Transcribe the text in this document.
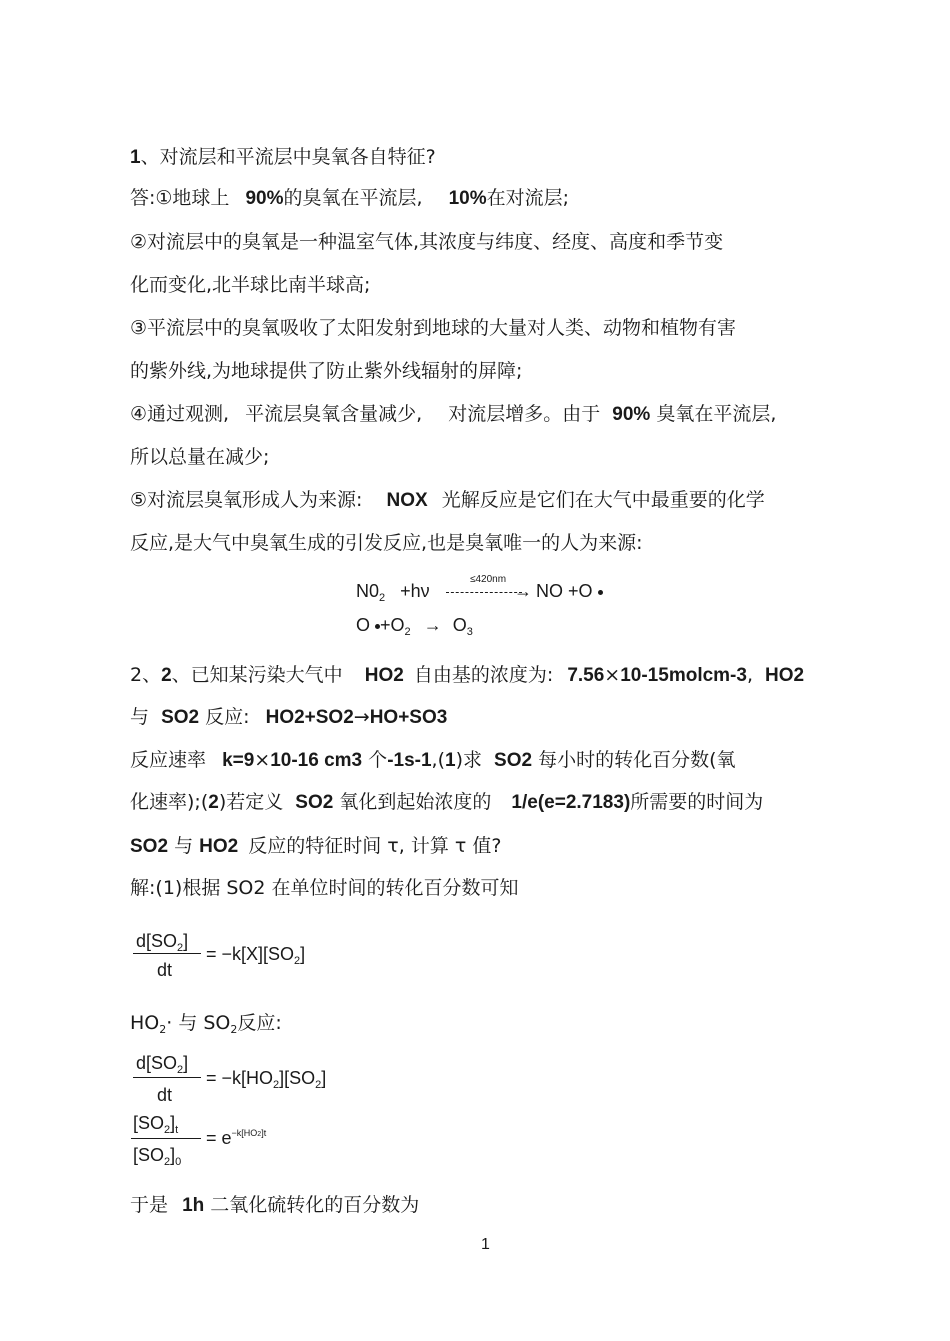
1、对流层和平流层中臭氧各自特征?
答:①地球上 90%的臭氧在平流层, 10%在对流层;
②对流层中的臭氧是一种温室气体,其浓度与纬度、经度、高度和季节变
化而变化,北半球比南半球高;
③平流层中的臭氧吸收了太阳发射到地球的大量对人类、动物和植物有害
的紫外线,为地球提供了防止紫外线辐射的屏障;
④通过观测, 平流层臭氧含量减少, 对流层增多。由于 90% 臭氧在平流层,
所以总量在减少;
⑤对流层臭氧形成人为来源: NOX 光解反应是它们在大气中最重要的化学
反应,是大气中臭氧生成的引发反应,也是臭氧唯一的人为来源:
$N0_2 +h\nu$
≤420nm
→ NO +O
$O +O_2 \to O_3$
2、2、已知某污染大气中 HO2 自由基的浓度为: 7.56×10-15molcm-3, HO2
与 SO2 反应: HO2+SO2→HO+SO3
反应速率 k=9×10-16 cm3 个-1s-1,(1)求 SO2 每小时的转化百分数(氧
化速率);(2)若定义 SO2 氧化到起始浓度的 1/e(e=2.7183)所需要的时间为
SO2 与 HO2 反应的特征时间 τ, 计算 τ 值?
解:(1)根据 SO2 在单位时间的转化百分数可知
$d[SO_2]$
dt
= $-k[X][SO_2]$
$HO_2\cdot$ 与 $SO_2$反应:
$d[SO_2]$
dt
= $-k[HO_2][SO_2]$
$[SO_2]_t$
$[SO_2]_0$
= $e^{-k[HO2]t}$
于是 1h 二氧化硫转化的百分数为
1
